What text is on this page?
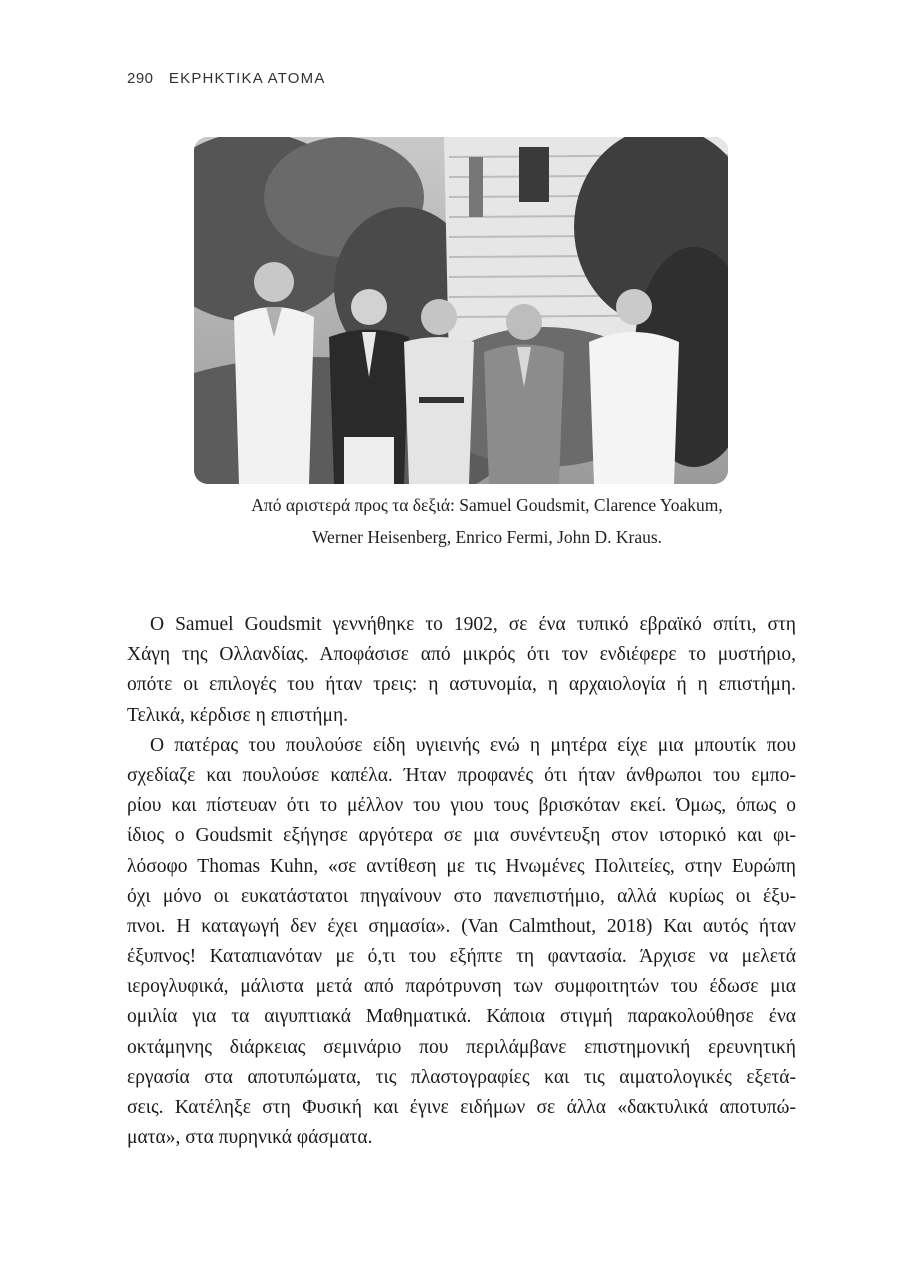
290 ΕΚΡΗΚΤΙΚΑ ΑΤΟΜΑ
Από αριστερά προς τα δεξιά: Samuel Goudsmit, Clarence Yoakum,
Werner Heisenberg, Enrico Fermi, John D. Kraus.
O Samuel Goudsmit γεννήθηκε το 1902, σε ένα τυπικό εβραϊκό σπίτι, στη
Χάγη της Ολλανδίας. Αποφάσισε από μικρός ότι τον ενδιέφερε το μυστήριο,
οπότε οι επιλογές του ήταν τρεις: η αστυνομία, η αρχαιολογία ή η επιστήμη.
Τελικά, κέρδισε η επιστήμη.
Ο πατέρας του πουλούσε είδη υγιεινής ενώ η μητέρα είχε μια μπουτίκ που
σχεδίαζε και πουλούσε καπέλα. Ήταν προφανές ότι ήταν άνθρωποι του εμπο-
ρίου και πίστευαν ότι το μέλλον του γιου τους βρισκόταν εκεί. Όμως, όπως ο
ίδιος ο Goudsmit εξήγησε αργότερα σε μια συνέντευξη στον ιστορικό και φι-
λόσοφο Thomas Kuhn, «σε αντίθεση με τις Ηνωμένες Πολιτείες, στην Ευρώπη
όχι μόνο οι ευκατάστατοι πηγαίνουν στο πανεπιστήμιο, αλλά κυρίως οι έξυ-
πνοι. Η καταγωγή δεν έχει σημασία». (Van Calmthout, 2018) Και αυτός ήταν
έξυπνος! Καταπιανόταν με ό,τι του εξήπτε τη φαντασία. Άρχισε να μελετά
ιερογλυφικά, μάλιστα μετά από παρότρυνση των συμφοιτητών του έδωσε μια
ομιλία για τα αιγυπτιακά Μαθηματικά. Κάποια στιγμή παρακολούθησε ένα
οκτάμηνης διάρκειας σεμινάριο που περιλάμβανε επιστημονική ερευνητική
εργασία στα αποτυπώματα, τις πλαστογραφίες και τις αιματολογικές εξετά-
σεις. Κατέληξε στη Φυσική και έγινε ειδήμων σε άλλα «δακτυλικά αποτυπώ-
ματα», στα πυρηνικά φάσματα.
